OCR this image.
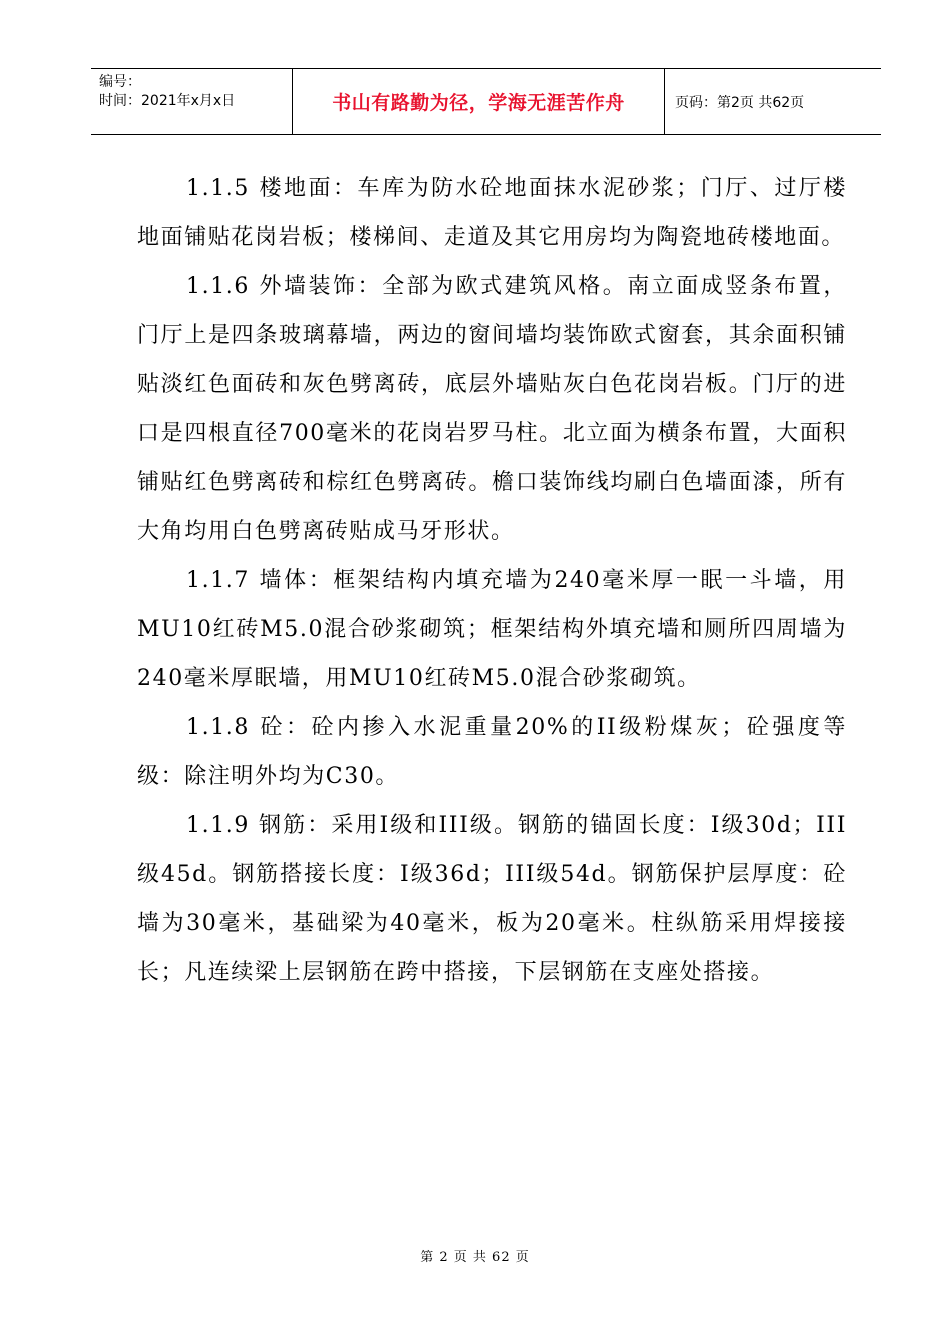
编号：
时间：2021年x月x日	书山有路勤为径，学海无涯苦作舟	页码：第2页 共62页

1.1.5 楼地面：车库为防水砼地面抹水泥砂浆；门厅、过厅楼地面铺贴花岗岩板；楼梯间、走道及其它用房均为陶瓷地砖楼地面。

1.1.6 外墙装饰：全部为欧式建筑风格。南立面成竖条布置，门厅上是四条玻璃幕墙，两边的窗间墙均装饰欧式窗套，其余面积铺贴淡红色面砖和灰色劈离砖，底层外墙贴灰白色花岗岩板。门厅的进口是四根直径700毫米的花岗岩罗马柱。北立面为横条布置，大面积铺贴红色劈离砖和棕红色劈离砖。檐口装饰线均刷白色墙面漆，所有大角均用白色劈离砖贴成马牙形状。

1.1.7 墙体：框架结构内填充墙为240毫米厚一眠一斗墙，用MU10红砖M5.0混合砂浆砌筑；框架结构外填充墙和厕所四周墙为240毫米厚眠墙，用MU10红砖M5.0混合砂浆砌筑。

1.1.8 砼：砼内掺入水泥重量20%的II级粉煤灰；砼强度等级：除注明外均为C30。

1.1.9 钢筋：采用I级和III级。钢筋的锚固长度：I级30d；III级45d。钢筋搭接长度：I级36d；III级54d。钢筋保护层厚度：砼墙为30毫米，基础梁为40毫米，板为20毫米。柱纵筋采用焊接接长；凡连续梁上层钢筋在跨中搭接，下层钢筋在支座处搭接。

第 2 页 共 62 页
